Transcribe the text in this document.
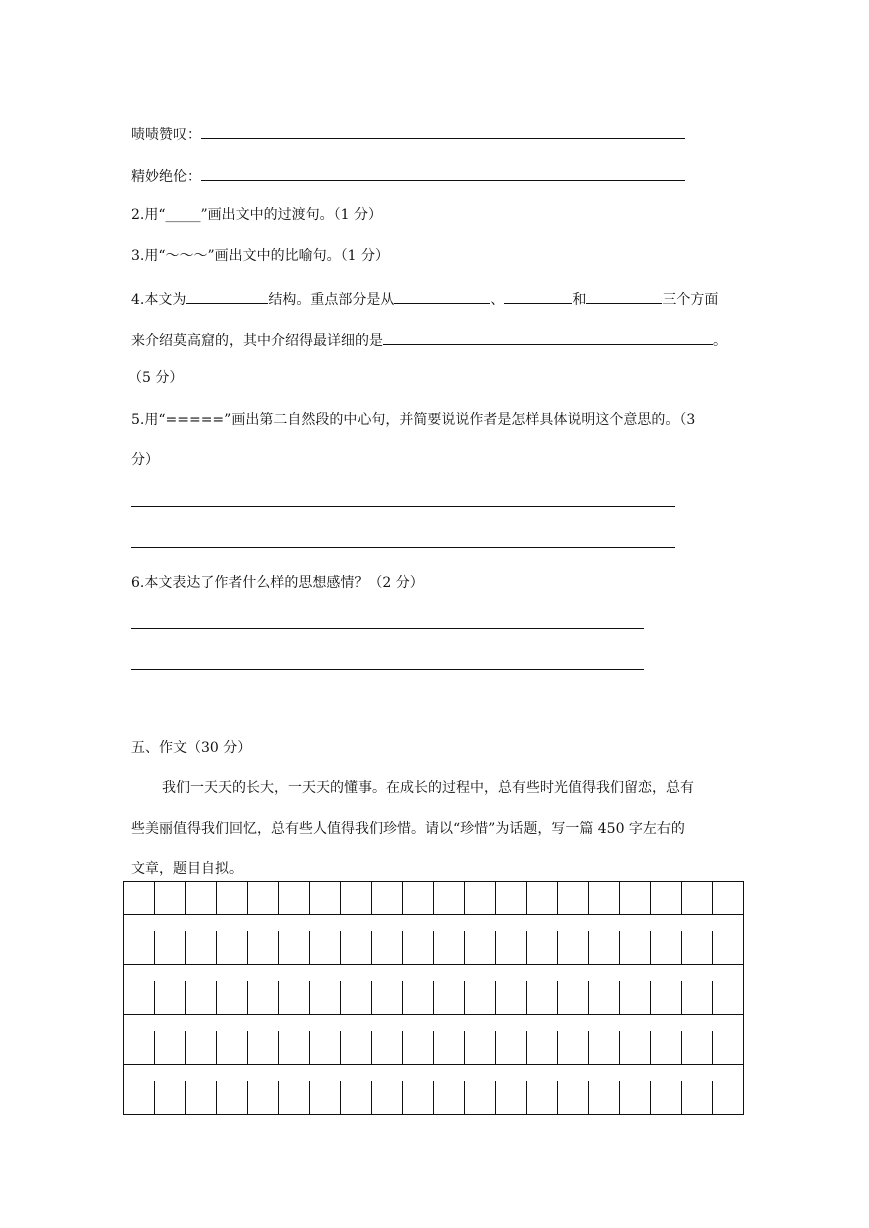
啧啧赞叹：
精妙绝伦：
2.用“_____”画出文中的过渡句。（1 分）
3.用“～～～”画出文中的比喻句。（1 分）
4.本文为	结构。重点部分是从	、	和	三个方面
来介绍莫高窟的，其中介绍得最详细的是	。
（5 分）
5.用“=====”画出第二自然段的中心句，并简要说说作者是怎样具体说明这个意思的。（3
分）
6.本文表达了作者什么样的思想感情？（2 分）
五、作文（30 分）
我们一天天的长大，一天天的懂事。在成长的过程中，总有些时光值得我们留恋，总有
些美丽值得我们回忆，总有些人值得我们珍惜。请以“珍惜”为话题，写一篇 450 字左右的
文章，题目自拟。
